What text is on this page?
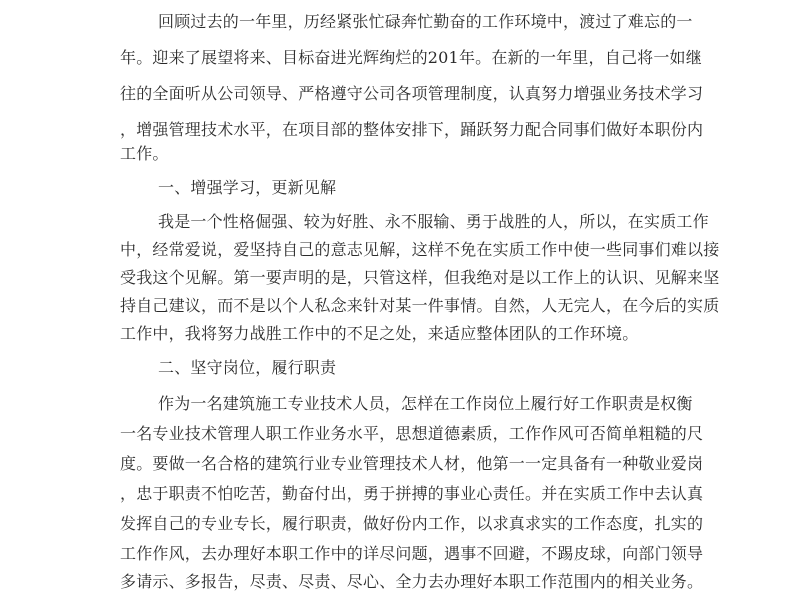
回顾过去的一年里，历经紧张忙碌奔忙勤奋的工作环境中，渡过了难忘的一
年。迎来了展望将来、目标奋进光辉绚烂的201年。在新的一年里，自己将一如继
往的全面听从公司领导、严格遵守公司各项管理制度，认真努力增强业务技术学习
，增强管理技术水平，在项目部的整体安排下，踊跃努力配合同事们做好本职份内
工作。
一、增强学习，更新见解
我是一个性格倔强、较为好胜、永不服输、勇于战胜的人，所以，在实质工作
中，经常爱说，爱坚持自己的意志见解，这样不免在实质工作中使一些同事们难以接
受我这个见解。第一要声明的是，只管这样，但我绝对是以工作上的认识、见解来坚
持自己建议，而不是以个人私念来针对某一件事情。自然，人无完人，在今后的实质
工作中，我将努力战胜工作中的不足之处，来适应整体团队的工作环境。
二、坚守岗位，履行职责
作为一名建筑施工专业技术人员，怎样在工作岗位上履行好工作职责是权衡
一名专业技术管理人职工作业务水平，思想道德素质，工作作风可否简单粗糙的尺
度。要做一名合格的建筑行业专业管理技术人材，他第一一定具备有一种敬业爱岗
，忠于职责不怕吃苦，勤奋付出，勇于拼搏的事业心责任。并在实质工作中去认真
发挥自己的专业专长，履行职责，做好份内工作，以求真求实的工作态度，扎实的
工作作风，去办理好本职工作中的详尽问题，遇事不回避，不踢皮球，向部门领导
多请示、多报告，尽责、尽责、尽心、全力去办理好本职工作范围内的相关业务。
